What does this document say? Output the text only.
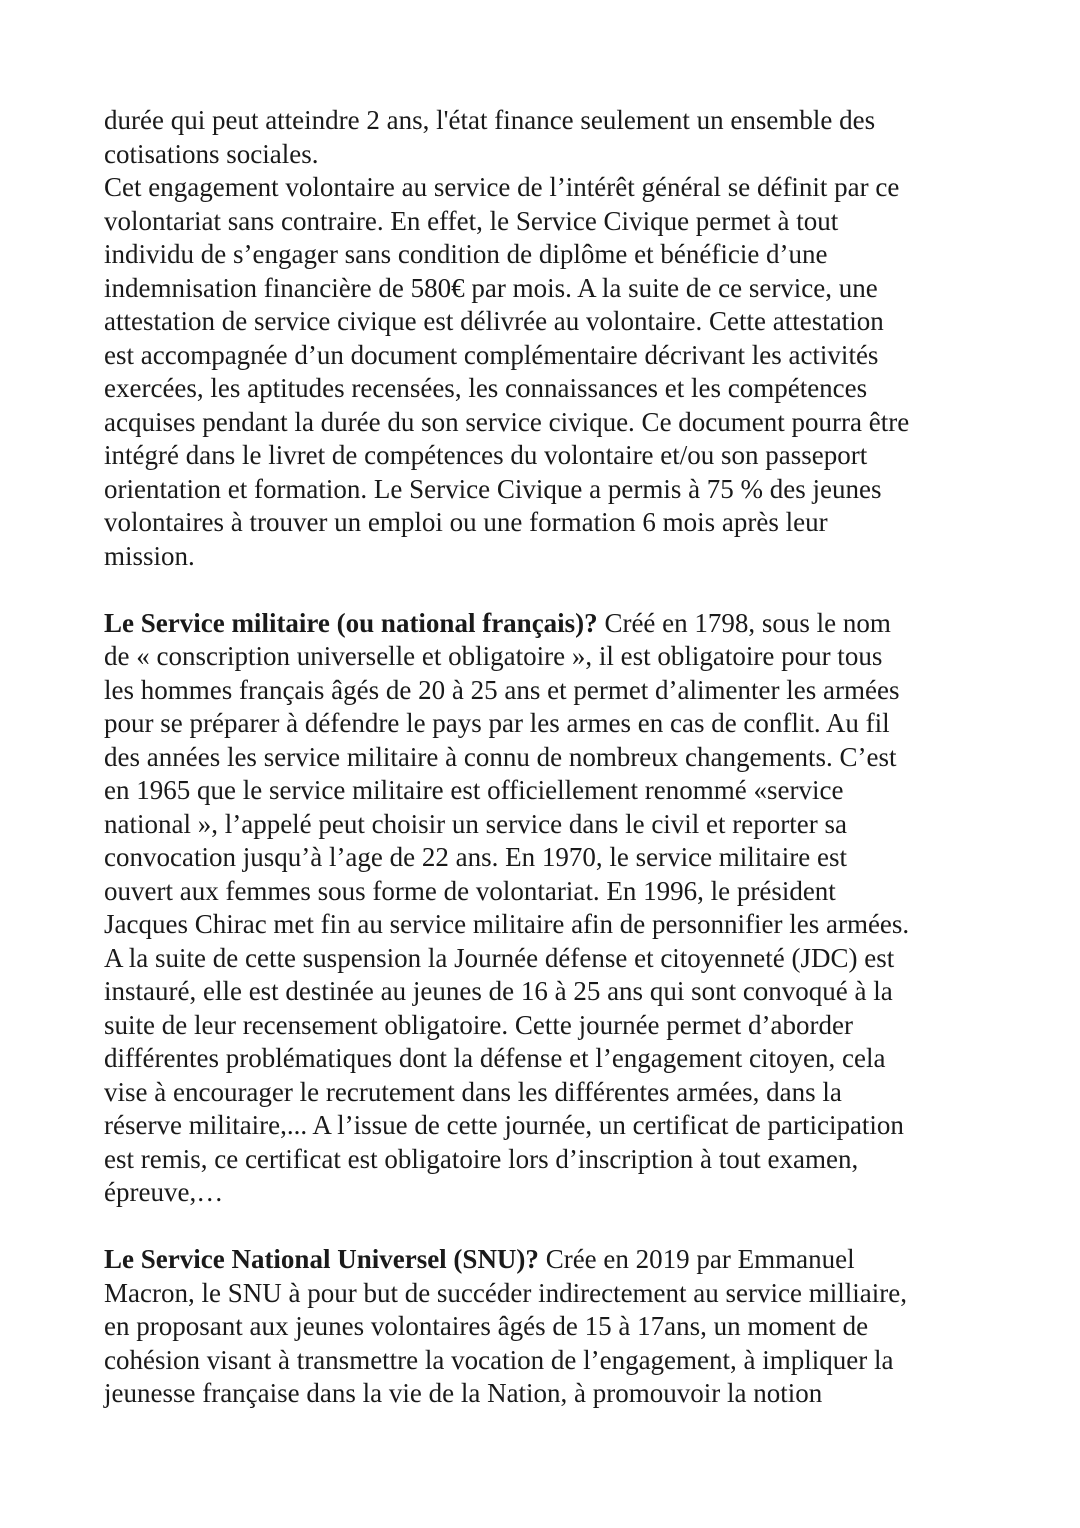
durée qui peut atteindre 2 ans, l'état finance seulement un ensemble des
cotisations sociales.

Cet engagement volontaire au service de l’intérêt général se définit par ce
volontariat sans contraire. En effet, le Service Civique permet à tout
individu de s’engager sans condition de diplôme et bénéficie d’une
indemnisation financière de 580€ par mois. A la suite de ce service, une
attestation de service civique est délivrée au volontaire. Cette attestation
est accompagnée d’un document complémentaire décrivant les activités
exercées, les aptitudes recensées, les connaissances et les compétences
acquises pendant la durée du son service civique. Ce document pourra être
intégré dans le livret de compétences du volontaire et/ou son passeport
orientation et formation. Le Service Civique a permis à 75 % des jeunes
volontaires à trouver un emploi ou une formation 6 mois après leur
mission.

Le Service militaire (ou national français)? Créé en 1798, sous le nom
de « conscription universelle et obligatoire », il est obligatoire pour tous
les hommes français âgés de 20 à 25 ans et permet d’alimenter les armées
pour se préparer à défendre le pays par les armes en cas de conflit. Au fil
des années les service militaire à connu de nombreux changements. C’est
en 1965 que le service militaire est officiellement renommé «service
national », l’appelé peut choisir un service dans le civil et reporter sa
convocation jusqu’à l’age de 22 ans. En 1970, le service militaire est
ouvert aux femmes sous forme de volontariat. En 1996, le président
Jacques Chirac met fin au service militaire afin de personnifier les armées.
A la suite de cette suspension la Journée défense et citoyenneté (JDC) est
instauré, elle est destinée au jeunes de 16 à 25 ans qui sont convoqué à la
suite de leur recensement obligatoire. Cette journée permet d’aborder
différentes problématiques dont la défense et l’engagement citoyen, cela
vise à encourager le recrutement dans les différentes armées, dans la
réserve militaire,... A l’issue de cette journée, un certificat de participation
est remis, ce certificat est obligatoire lors d’inscription à tout examen,
épreuve,…

Le Service National Universel (SNU)? Crée en 2019 par Emmanuel
Macron, le SNU à pour but de succéder indirectement au service milliaire,
en proposant aux jeunes volontaires âgés de 15 à 17ans, un moment de
cohésion visant à transmettre la vocation de l’engagement, à impliquer la
jeunesse française dans la vie de la Nation, à promouvoir la notion
